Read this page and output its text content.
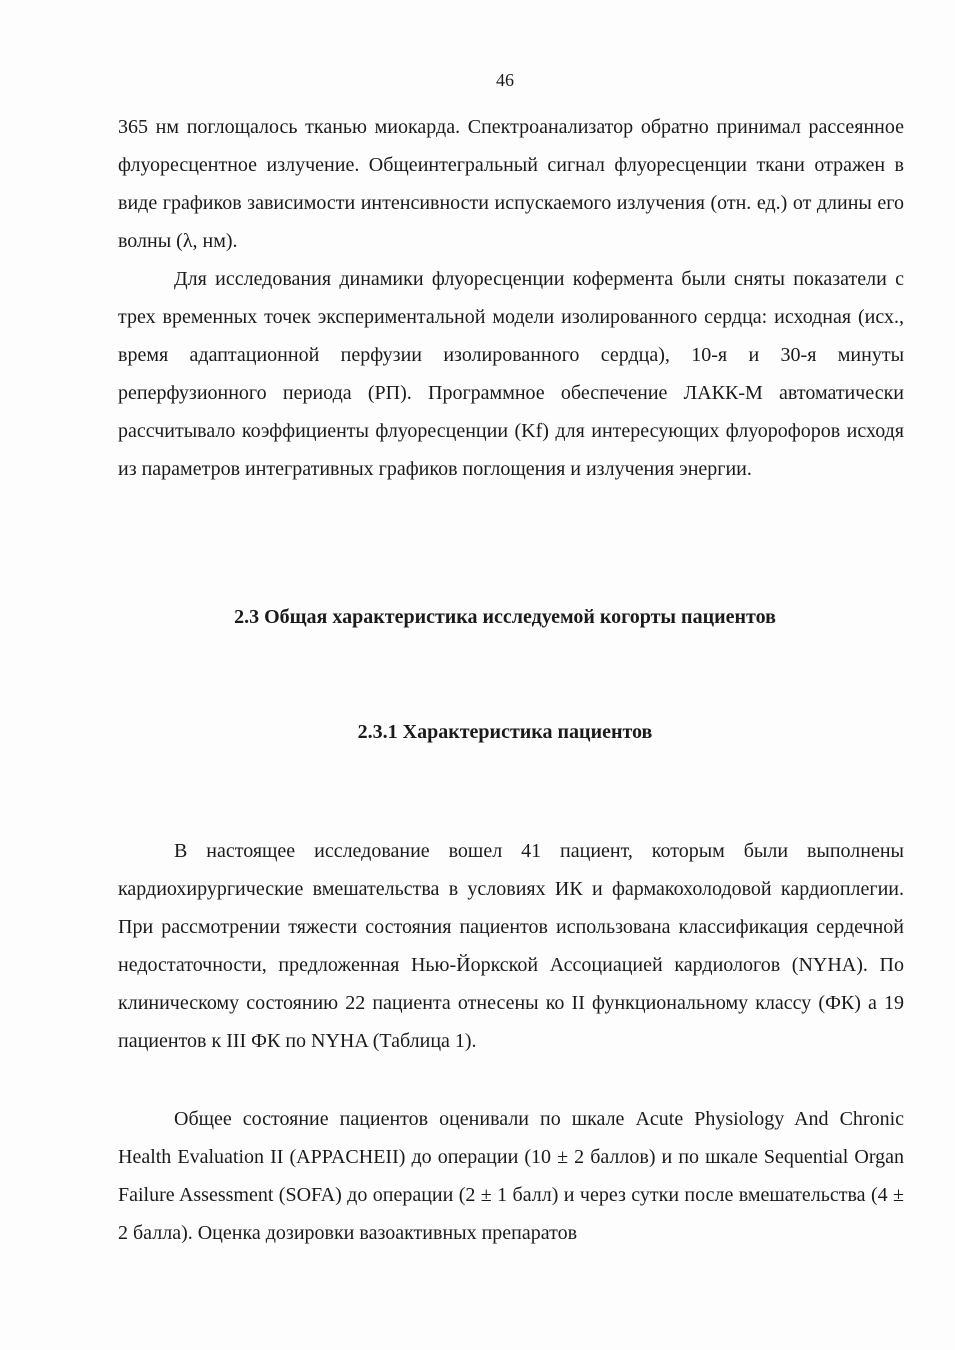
46

365 нм поглощалось тканью миокарда. Спектроанализатор обратно принимал рассеянное флуоресцентное излучение. Общеинтегральный сигнал флуоресценции ткани отражен в виде графиков зависимости интенсивности испускаемого излучения (отн. ед.) от длины его волны (λ, нм).

Для исследования динамики флуоресценции кофермента были сняты показатели с трех временных точек экспериментальной модели изолированного сердца: исходная (исх., время адаптационной перфузии изолированного сердца), 10-я и 30-я минуты реперфузионного периода (РП). Программное обеспечение ЛАКК-М автоматически рассчитывало коэффициенты флуоресценции (Kf) для интересующих флуорофоров исходя из параметров интегративных графиков поглощения и излучения энергии.

2.3 Общая характеристика исследуемой когорты пациентов
2.3.1 Характеристика пациентов

В настоящее исследование вошел 41 пациент, которым были выполнены кардиохирургические вмешательства в условиях ИК и фармакохолодовой кардиоплегии. При рассмотрении тяжести состояния пациентов использована классификация сердечной недостаточности, предложенная Нью-Йоркской Ассоциацией кардиологов (NYHA). По клиническому состоянию 22 пациента отнесены ко II функциональному классу (ФК) а 19 пациентов к III ФК по NYHA (Таблица 1).

Общее состояние пациентов оценивали по шкале Acute Physiology And Chronic Health Evaluation II (APPACHEII) до операции (10 ± 2 баллов) и по шкале Sequential Organ Failure Assessment (SOFA) до операции (2 ± 1 балл) и через сутки после вмешательства (4 ± 2 балла). Оценка дозировки вазоактивных препаратов
